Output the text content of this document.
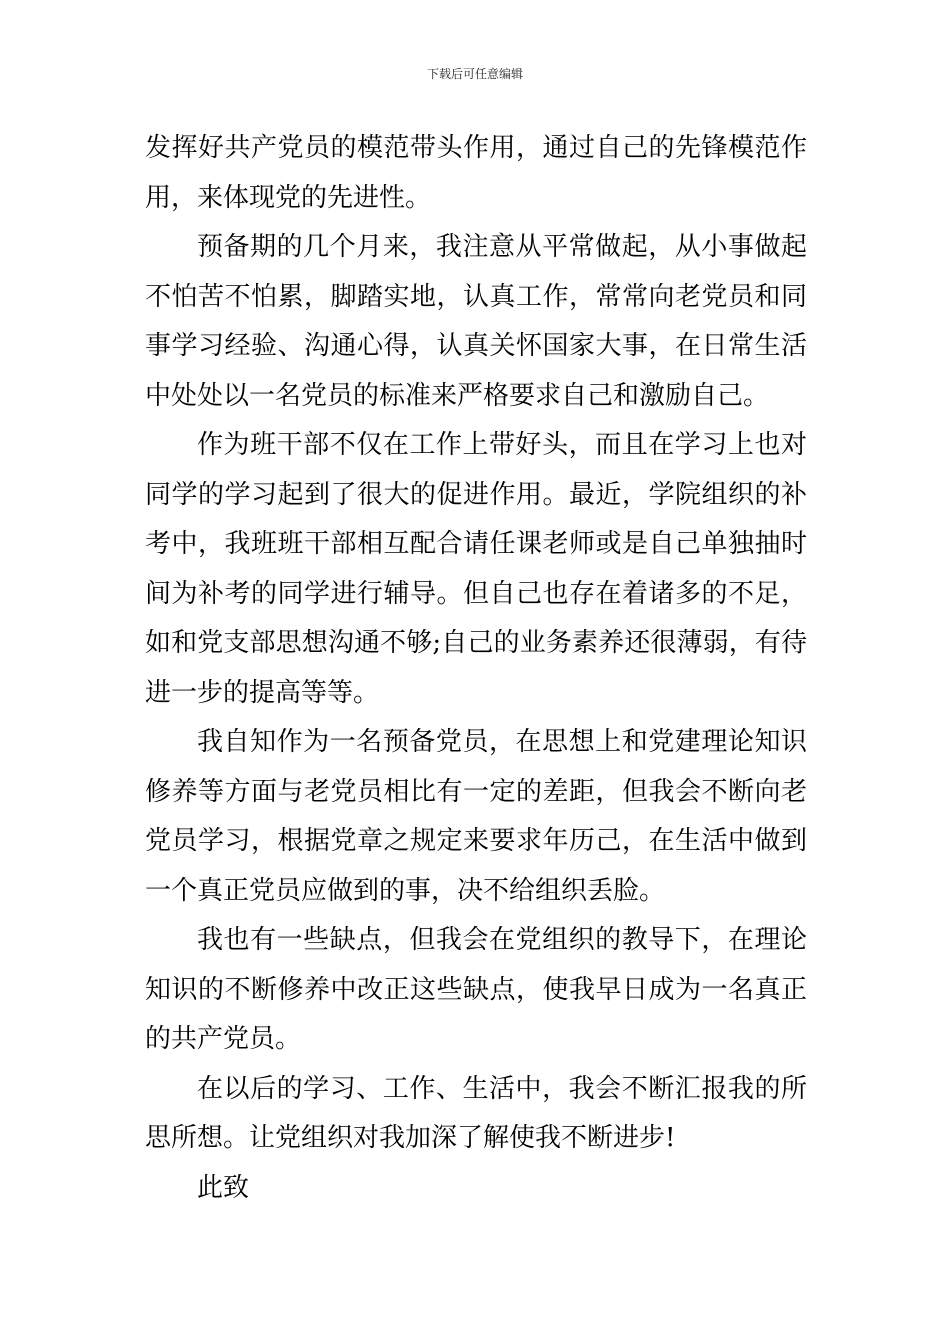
下载后可任意编辑
发挥好共产党员的模范带头作用，通过自己的先锋模范作
用，来体现党的先进性。
预备期的几个月来，我注意从平常做起，从小事做起
不怕苦不怕累，脚踏实地，认真工作，常常向老党员和同
事学习经验、沟通心得，认真关怀国家大事，在日常生活
中处处以一名党员的标准来严格要求自己和激励自己。
作为班干部不仅在工作上带好头，而且在学习上也对
同学的学习起到了很大的促进作用。最近，学院组织的补
考中，我班班干部相互配合请任课老师或是自己单独抽时
间为补考的同学进行辅导。但自己也存在着诸多的不足，
如和党支部思想沟通不够;自己的业务素养还很薄弱，有待
进一步的提高等等。
我自知作为一名预备党员，在思想上和党建理论知识
修养等方面与老党员相比有一定的差距，但我会不断向老
党员学习，根据党章之规定来要求年历己，在生活中做到
一个真正党员应做到的事，决不给组织丢脸。
我也有一些缺点，但我会在党组织的教导下，在理论
知识的不断修养中改正这些缺点，使我早日成为一名真正
的共产党员。
在以后的学习、工作、生活中，我会不断汇报我的所
思所想。让党组织对我加深了解使我不断进步!
此致
